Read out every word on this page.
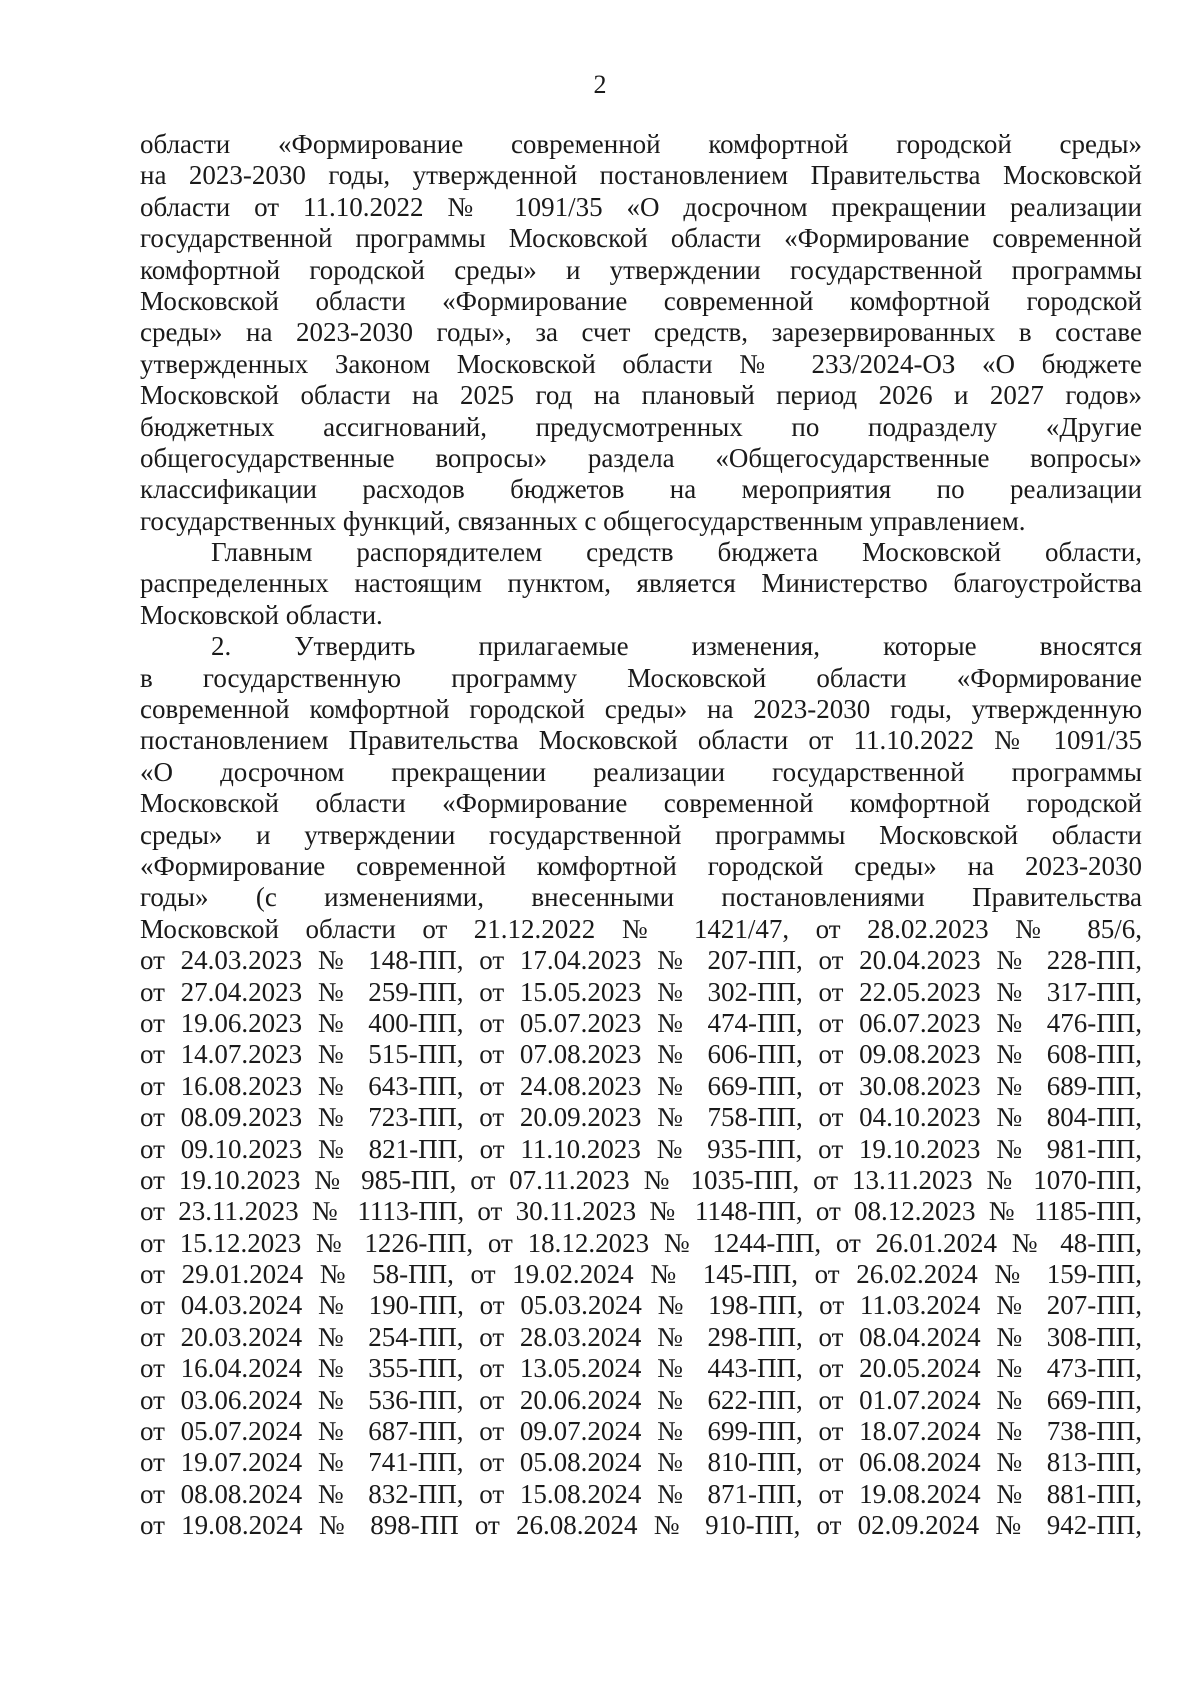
2
области «Формирование современной комфортной городской среды»
на 2023-2030 годы, утвержденной постановлением Правительства Московской
области от 11.10.2022 № 1091/35 «О досрочном прекращении реализации
государственной программы Московской области «Формирование современной
комфортной городской среды» и утверждении государственной программы
Московской области «Формирование современной комфортной городской
среды» на 2023-2030 годы», за счет средств, зарезервированных в составе
утвержденных Законом Московской области № 233/2024-ОЗ «О бюджете
Московской области на 2025 год на плановый период 2026 и 2027 годов»
бюджетных ассигнований, предусмотренных по подразделу «Другие
общегосударственные вопросы» раздела «Общегосударственные вопросы»
классификации расходов бюджетов на мероприятия по реализации
государственных функций, связанных с общегосударственным управлением.
Главным распорядителем средств бюджета Московской области,
распределенных настоящим пунктом, является Министерство благоустройства
Московской области.
2. Утвердить прилагаемые изменения, которые вносятся
в государственную программу Московской области «Формирование
современной комфортной городской среды» на 2023-2030 годы, утвержденную
постановлением Правительства Московской области от 11.10.2022 № 1091/35
«О досрочном прекращении реализации государственной программы
Московской области «Формирование современной комфортной городской
среды» и утверждении государственной программы Московской области
«Формирование современной комфортной городской среды» на 2023-2030
годы» (с изменениями, внесенными постановлениями Правительства
Московской области от 21.12.2022 № 1421/47, от 28.02.2023 № 85/6,
от 24.03.2023 № 148-ПП, от 17.04.2023 № 207-ПП, от 20.04.2023 № 228-ПП,
от 27.04.2023 № 259-ПП, от 15.05.2023 № 302-ПП, от 22.05.2023 № 317-ПП,
от 19.06.2023 № 400-ПП, от 05.07.2023 № 474-ПП, от 06.07.2023 № 476-ПП,
от 14.07.2023 № 515-ПП, от 07.08.2023 № 606-ПП, от 09.08.2023 № 608-ПП,
от 16.08.2023 № 643-ПП, от 24.08.2023 № 669-ПП, от 30.08.2023 № 689-ПП,
от 08.09.2023 № 723-ПП, от 20.09.2023 № 758-ПП, от 04.10.2023 № 804-ПП,
от 09.10.2023 № 821-ПП, от 11.10.2023 № 935-ПП, от 19.10.2023 № 981-ПП,
от 19.10.2023 № 985-ПП, от 07.11.2023 № 1035-ПП, от 13.11.2023 № 1070-ПП,
от 23.11.2023 № 1113-ПП, от 30.11.2023 № 1148-ПП, от 08.12.2023 № 1185-ПП,
от 15.12.2023 № 1226-ПП, от 18.12.2023 № 1244-ПП, от 26.01.2024 № 48-ПП,
от 29.01.2024 № 58-ПП, от 19.02.2024 № 145-ПП, от 26.02.2024 № 159-ПП,
от 04.03.2024 № 190-ПП, от 05.03.2024 № 198-ПП, от 11.03.2024 № 207-ПП,
от 20.03.2024 № 254-ПП, от 28.03.2024 № 298-ПП, от 08.04.2024 № 308-ПП,
от 16.04.2024 № 355-ПП, от 13.05.2024 № 443-ПП, от 20.05.2024 № 473-ПП,
от 03.06.2024 № 536-ПП, от 20.06.2024 № 622-ПП, от 01.07.2024 № 669-ПП,
от 05.07.2024 № 687-ПП, от 09.07.2024 № 699-ПП, от 18.07.2024 № 738-ПП,
от 19.07.2024 № 741-ПП, от 05.08.2024 № 810-ПП, от 06.08.2024 № 813-ПП,
от 08.08.2024 № 832-ПП, от 15.08.2024 № 871-ПП, от 19.08.2024 № 881-ПП,
от 19.08.2024 № 898-ПП от 26.08.2024 № 910-ПП, от 02.09.2024 № 942-ПП,
